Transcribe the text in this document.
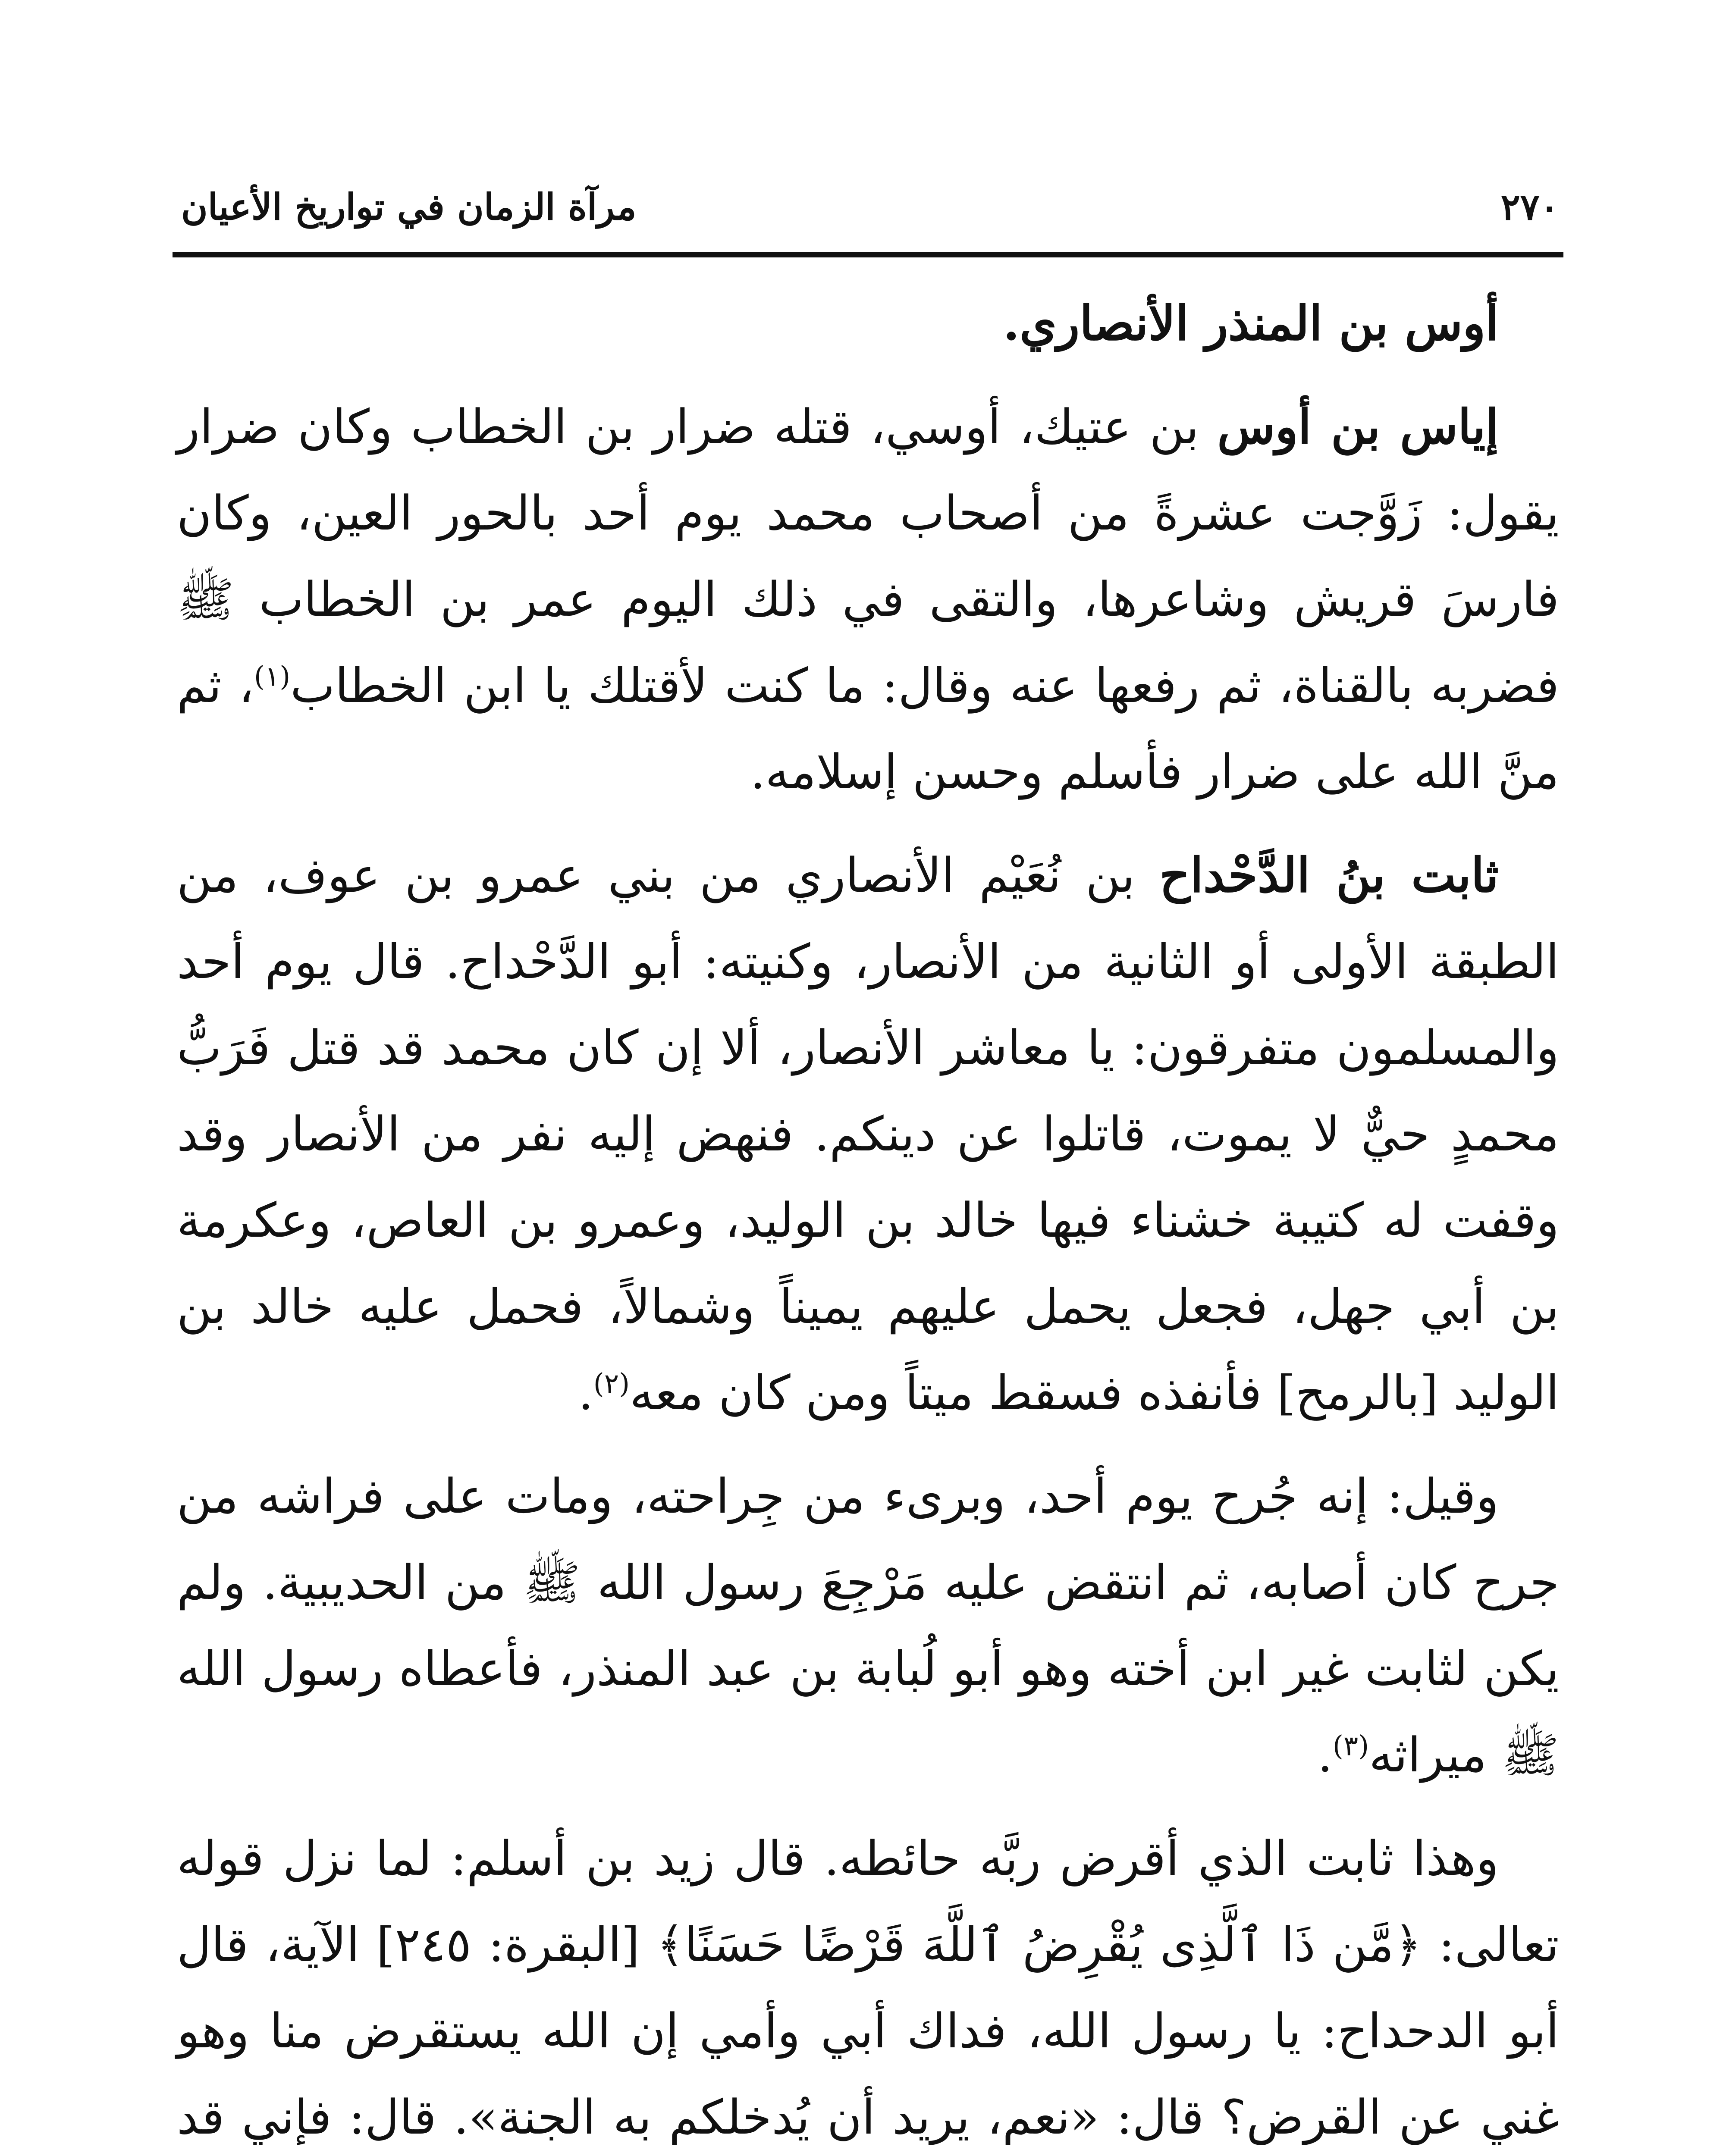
٢٧٠
مرآة الزمان في تواريخ الأعيان

أوس بن المنذر الأنصاري.

إياس بن أوس بن عتيك، أوسي، قتله ضرار بن الخطاب وكان ضرار يقول: زَوَّجت عشرةً من أصحاب محمد يوم أحد بالحور العين، وكان فارسَ قريش وشاعرها، والتقى في ذلك اليوم عمر بن الخطاب ﷺ فضربه بالقناة، ثم رفعها عنه وقال: ما كنت لأقتلك يا ابن الخطاب$^{(١)}$، ثم منَّ الله على ضرار فأسلم وحسن إسلامه.

ثابت بنُ الدَّحْداح بن نُعَيْم الأنصاري من بني عمرو بن عوف، من الطبقة الأولى أو الثانية من الأنصار، وكنيته: أبو الدَّحْداح. قال يوم أحد والمسلمون متفرقون: يا معاشر الأنصار، ألا إن كان محمد قد قتل فَرَبُّ محمدٍ حيٌّ لا يموت، قاتلوا عن دينكم. فنهض إليه نفر من الأنصار وقد وقفت له كتيبة خشناء فيها خالد بن الوليد، وعمرو بن العاص، وعكرمة بن أبي جهل، فجعل يحمل عليهم يميناً وشمالاً، فحمل عليه خالد بن الوليد [بالرمح] فأنفذه فسقط ميتاً ومن كان معه$^{(٢)}$.

وقيل: إنه جُرح يوم أحد، وبرىء من جِراحته، ومات على فراشه من جرح كان أصابه، ثم انتقض عليه مَرْجِعَ رسول الله ﷺ من الحديبية. ولم يكن لثابت غير ابن أخته وهو أبو لُبابة بن عبد المنذر، فأعطاه رسول الله ﷺ ميراثه$^{(٣)}$.

وهذا ثابت الذي أقرض ربَّه حائطه. قال زيد بن أسلم: لما نزل قوله تعالى: ﴿مَّن ذَا ٱلَّذِى يُقْرِضُ ٱللَّهَ قَرْضًا حَسَنًا﴾ [البقرة: ٢٤٥] الآية، قال أبو الدحداح: يا رسول الله، فداك أبي وأمي إن الله يستقرض منا وهو غني عن القرض؟ قال: «نعم، يريد أن يُدخلكم به الجنة». قال: فإني قد
